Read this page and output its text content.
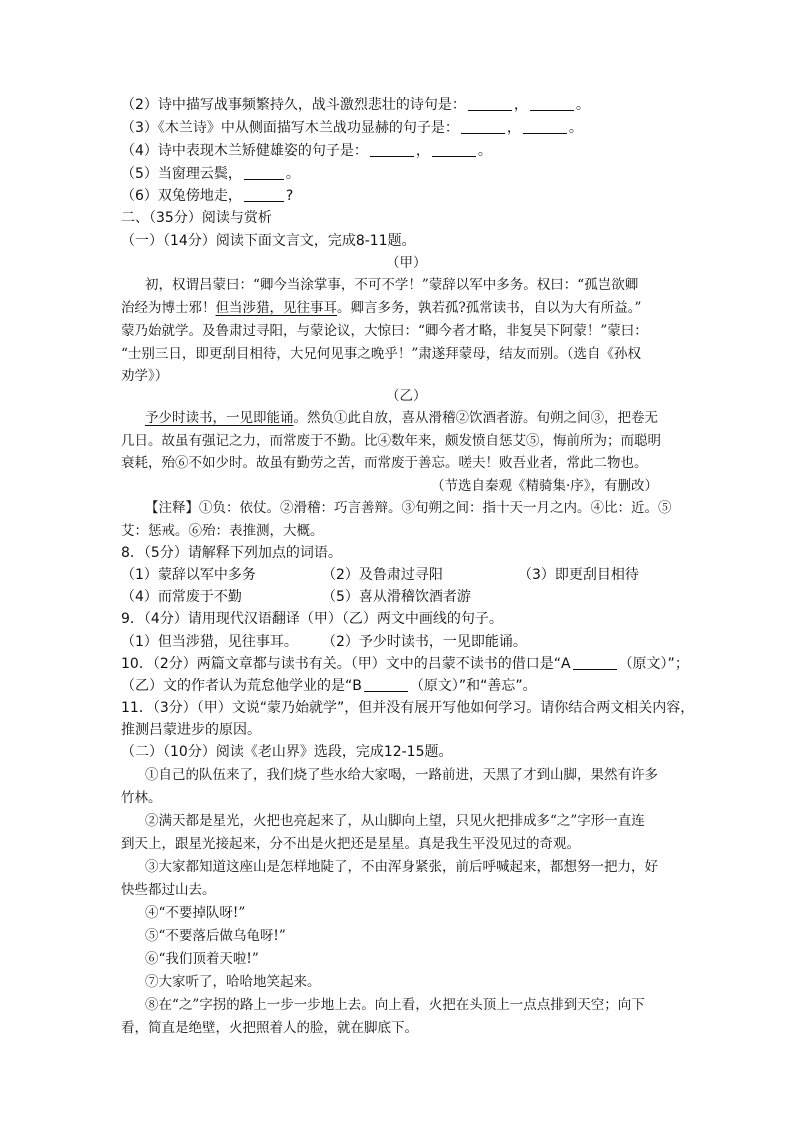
（2）诗中描写战事频繁持久，战斗激烈悲壮的诗句是：	，	。
（3）《木兰诗》中从侧面描写木兰战功显赫的句子是：	，	。
（4）诗中表现木兰矫健雄姿的句子是：	，	。
（5）当窗理云鬓，	。
（6）双兔傍地走，	?
二、（35分）阅读与赏析
（一）（14分）阅读下面文言文，完成8-11题。
（甲）
初，权谓吕蒙曰：“卿今当涂掌事，不可不学！”蒙辞以军中多务。权曰：“孤岂欲卿
治经为博士邪！但当涉猎，见往事耳。卿言多务，孰若孤?孤常读书，自以为大有所益。”
蒙乃始就学。及鲁肃过寻阳，与蒙论议，大惊曰：“卿今者才略，非复吴下阿蒙！”蒙曰：
“士别三日，即更刮目相待，大兄何见事之晚乎！”肃遂拜蒙母，结友而别。（选自《孙权
劝学》）
（乙）
予少时读书，一见即能诵。然负①此自放，喜从滑稽②饮酒者游。旬朔之间③，把卷无
几日。故虽有强记之力，而常废于不勤。比④数年来，颇发愤自惩艾⑤，悔前所为；而聪明
衰耗，殆⑥不如少时。故虽有勤劳之苦，而常废于善忘。嗟夫！败吾业者，常此二物也。
（节选自秦观《精骑集·序》，有删改）
【注释】①负：依仗。②滑稽：巧言善辩。③旬朔之间：指十天一月之内。④比：近。⑤
艾：惩戒。⑥殆：表推测，大概。
8．（5分）请解释下列加点的词语。
（1）蒙辞以军中多务	（2）及鲁肃过寻阳	（3）即更刮目相待
（4）而常废于不勤	（5）喜从滑稽饮酒者游
9．（4分）请用现代汉语翻译（甲）（乙）两文中画线的句子。
（1）但当涉猎，见往事耳。 （2）予少时读书，一见即能诵。
10．（2分）两篇文章都与读书有关。（甲）文中的吕蒙不读书的借口是“A	（原文）”；
（乙）文的作者认为荒怠他学业的是“B	（原文）”和“善忘”。
11．（3分）（甲）文说“蒙乃始就学”，但并没有展开写他如何学习。请你结合两文相关内容，
推测吕蒙进步的原因。
（二）（10分）阅读《老山界》选段，完成12-15题。
①自己的队伍来了，我们烧了些水给大家喝，一路前进，天黑了才到山脚，果然有许多
竹林。
②满天都是星光，火把也亮起来了，从山脚向上望，只见火把排成多“之”字形一直连
到天上，跟星光接起来，分不出是火把还是星星。真是我生平没见过的奇观。
③大家都知道这座山是怎样地陡了，不由浑身紧张，前后呼喊起来，都想努一把力，好
快些都过山去。
④“不要掉队呀!”
⑤“不要落后做乌龟呀!”
⑥“我们顶着天啦!”
⑦大家听了，哈哈地笑起来。
⑧在“之”字拐的路上一步一步地上去。向上看，火把在头顶上一点点排到天空；向下
看，简直是绝壁，火把照着人的脸，就在脚底下。
